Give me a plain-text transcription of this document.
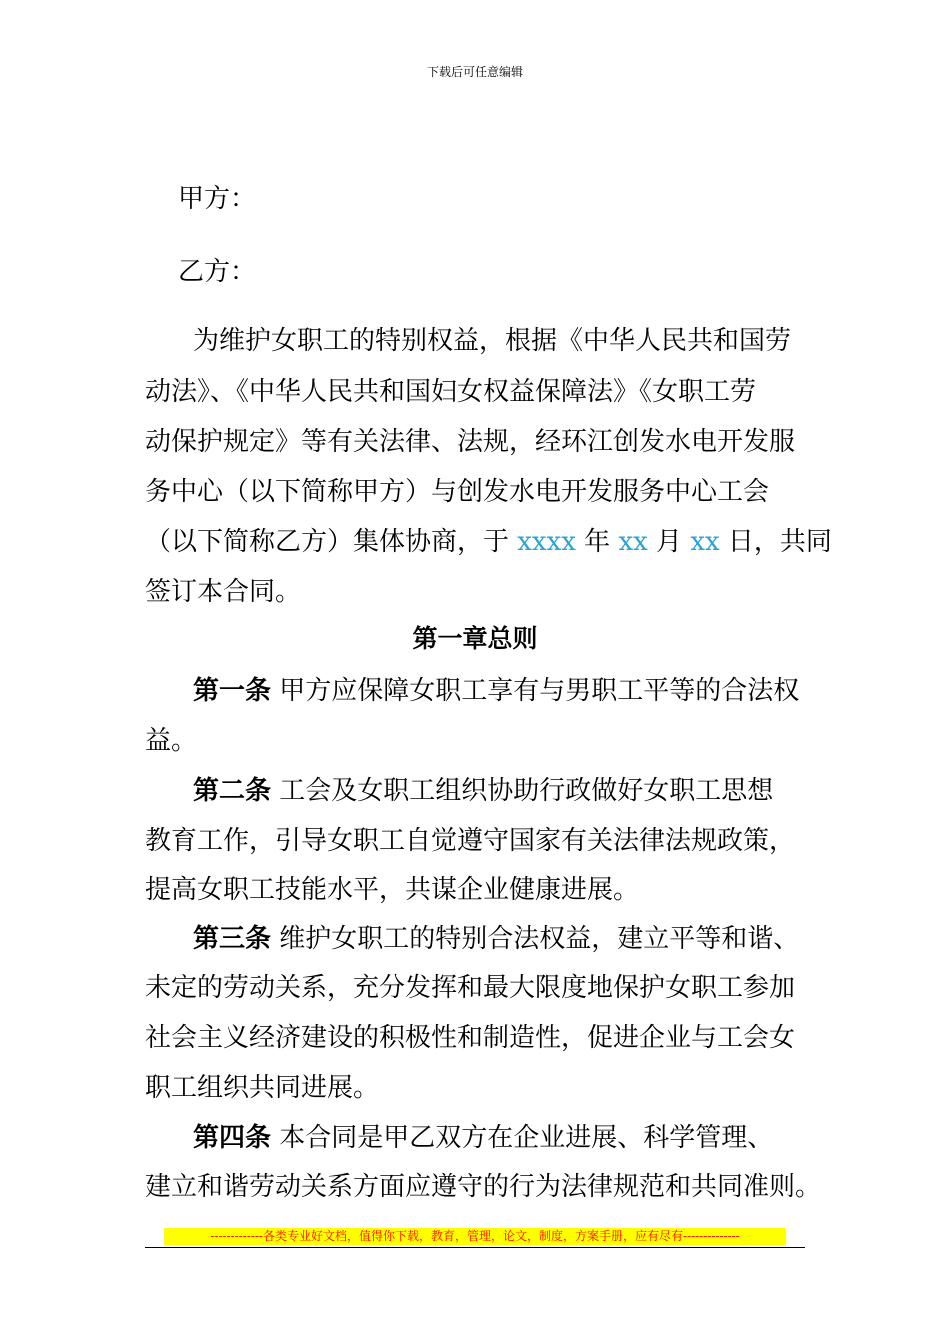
下载后可任意编辑
甲方：
乙方：
为维护女职工的特别权益，根据《中华人民共和国劳
动法》、《中华人民共和国妇女权益保障法》《女职工劳
动保护规定》等有关法律、法规，经环江创发水电开发服
务中心（以下简称甲方）与创发水电开发服务中心工会
（以下简称乙方）集体协商，于 xxxx 年 xx 月 xx 日，共同
签订本合同。
第一章总则
第一条 甲方应保障女职工享有与男职工平等的合法权
益。
第二条 工会及女职工组织协助行政做好女职工思想
教育工作，引导女职工自觉遵守国家有关法律法规政策，
提高女职工技能水平，共谋企业健康进展。
第三条 维护女职工的特别合法权益，建立平等和谐、
未定的劳动关系，充分发挥和最大限度地保护女职工参加
社会主义经济建设的积极性和制造性，促进企业与工会女
职工组织共同进展。
第四条 本合同是甲乙双方在企业进展、科学管理、
建立和谐劳动关系方面应遵守的行为法律规范和共同准则。
-------------各类专业好文档，值得你下载，教育，管理，论文，制度，方案手册，应有尽有--------------
